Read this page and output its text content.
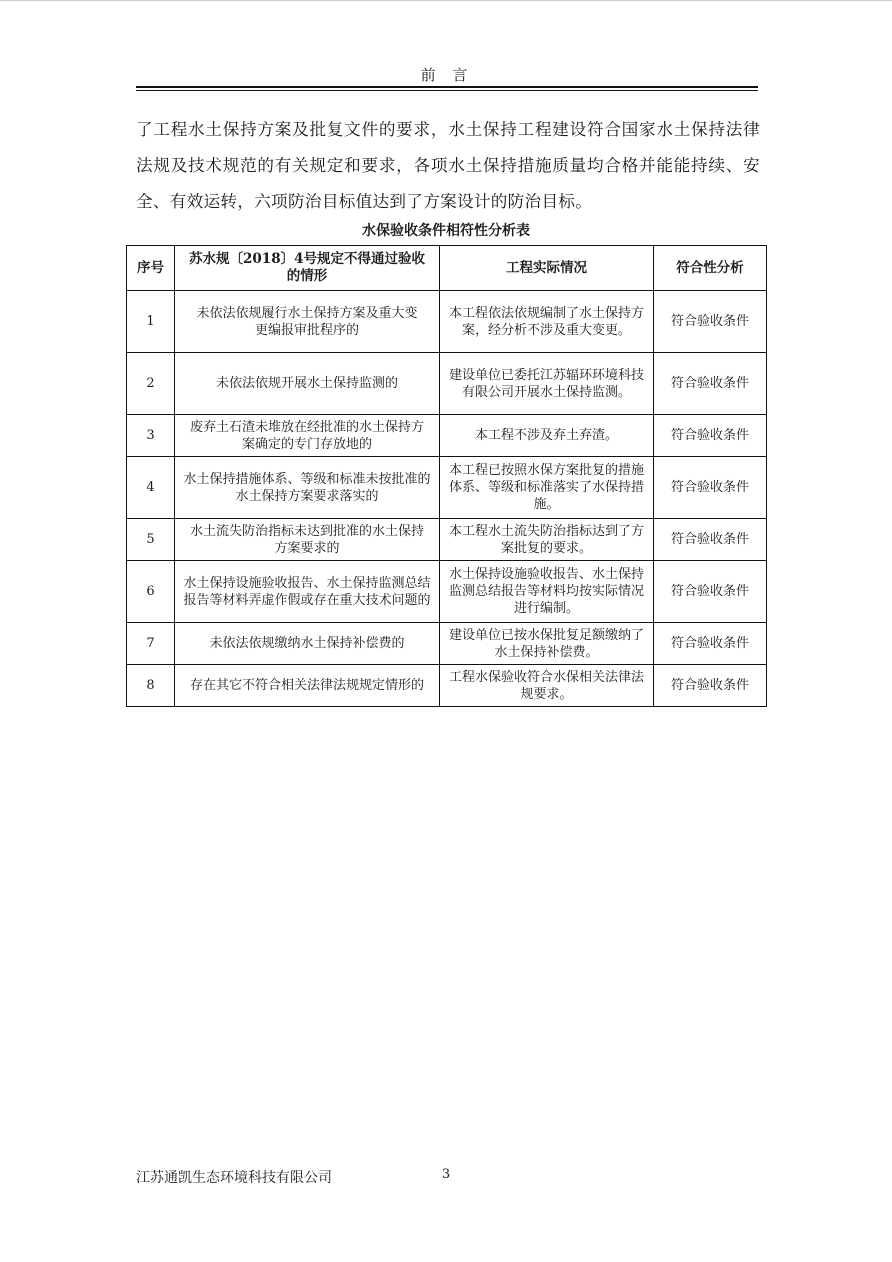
前 言

了工程水土保持方案及批复文件的要求，水土保持工程建设符合国家水土保持法律法规及技术规范的有关规定和要求，各项水土保持措施质量均合格并能能持续、安全、有效运转，六项防治目标值达到了方案设计的防治目标。

水保验收条件相符性分析表
序号	苏水规〔2018〕4号规定不得通过验收的情形	工程实际情况	符合性分析
1	未依法依规履行水土保持方案及重大变更编报审批程序的	本工程依法依规编制了水土保持方案，经分析不涉及重大变更。	符合验收条件
2	未依法依规开展水土保持监测的	建设单位已委托江苏辐环环境科技有限公司开展水土保持监测。	符合验收条件
3	废弃土石渣未堆放在经批准的水土保持方案确定的专门存放地的	本工程不涉及弃土弃渣。	符合验收条件
4	水土保持措施体系、等级和标准未按批准的水土保持方案要求落实的	本工程已按照水保方案批复的措施体系、等级和标准落实了水保持措施。	符合验收条件
5	水土流失防治指标未达到批准的水土保持方案要求的	本工程水土流失防治指标达到了方案批复的要求。	符合验收条件
6	水土保持设施验收报告、水土保持监测总结报告等材料弄虚作假或存在重大技术问题的	水土保持设施验收报告、水土保持监测总结报告等材料均按实际情况进行编制。	符合验收条件
7	未依法依规缴纳水土保持补偿费的	建设单位已按水保批复足额缴纳了水土保持补偿费。	符合验收条件
8	存在其它不符合相关法律法规规定情形的	工程水保验收符合水保相关法律法规要求。	符合验收条件
江苏通凯生态环境科技有限公司	3
